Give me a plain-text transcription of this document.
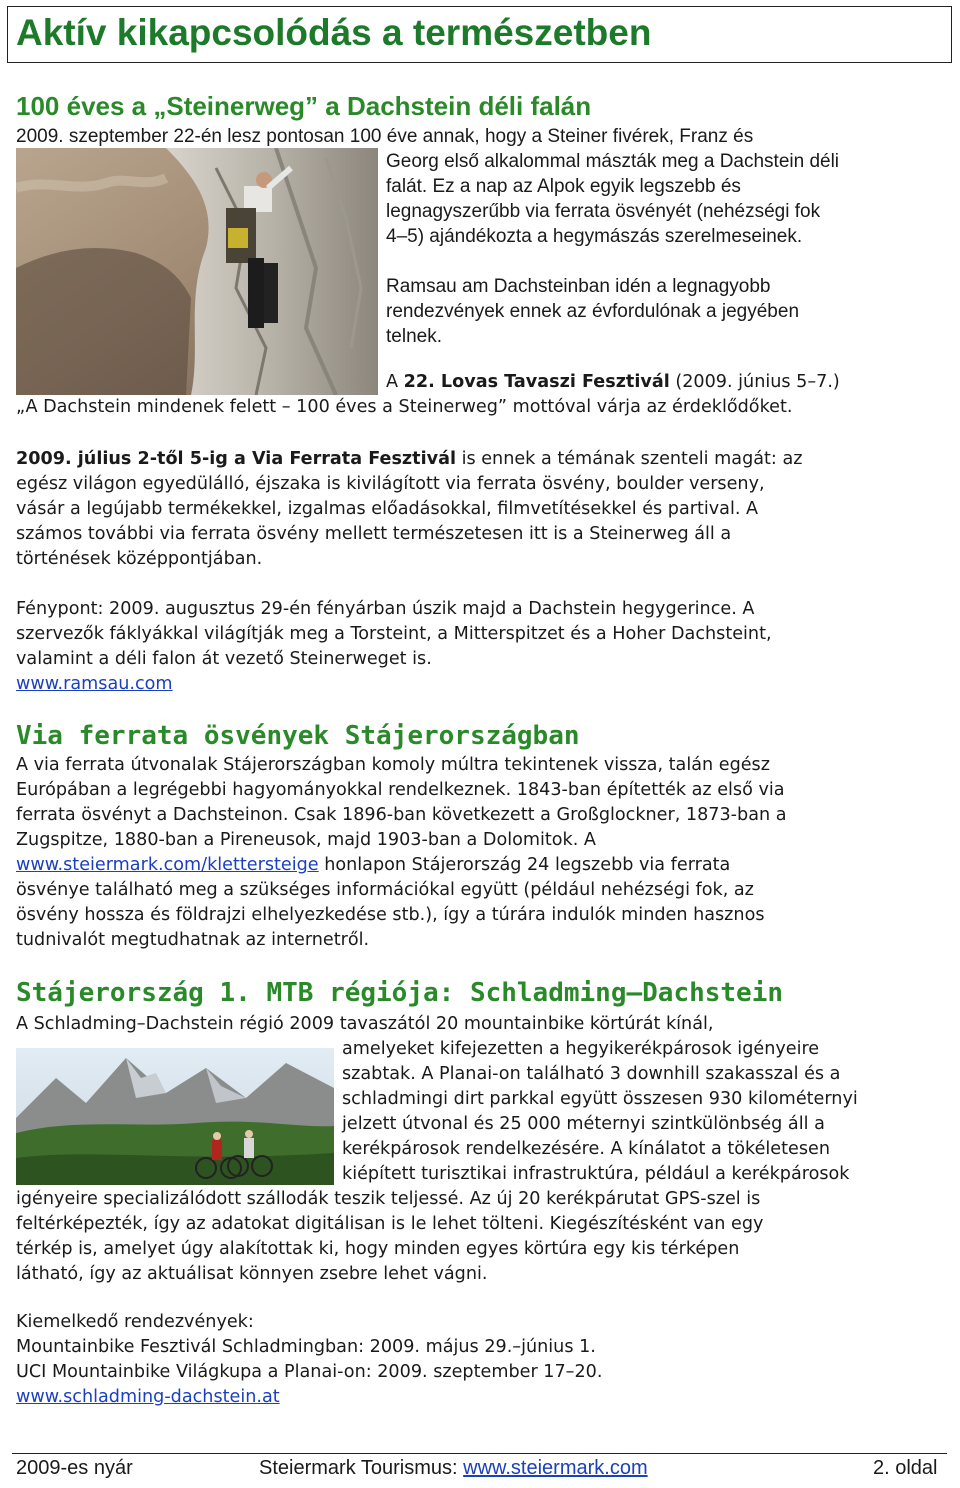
Aktív kikapcsolódás a természetben
100 éves a „Steinerweg” a Dachstein déli falán
2009. szeptember 22-én lesz pontosan 100 éve annak, hogy a Steiner fivérek, Franz és
Georg első alkalommal mászták meg a Dachstein déli
falát. Ez a nap az Alpok egyik legszebb és
legnagyszerűbb via ferrata ösvényét (nehézségi fok
4–5) ajándékozta a hegymászás szerelmeseinek.
Ramsau am Dachsteinban idén a legnagyobb
rendezvények ennek az évfordulónak a jegyében
telnek.
A 22. Lovas Tavaszi Fesztivál (2009. június 5–7.)
„A Dachstein mindenek felett – 100 éves a Steinerweg” mottóval várja az érdeklődőket.
2009. július 2-től 5-ig a Via Ferrata Fesztivál is ennek a témának szenteli magát: az
egész világon egyedülálló, éjszaka is kivilágított via ferrata ösvény, boulder verseny,
vásár a legújabb termékekkel, izgalmas előadásokkal, filmvetítésekkel és partival. A
számos további via ferrata ösvény mellett természetesen itt is a Steinerweg áll a
történések középpontjában.
Fénypont: 2009. augusztus 29-én fényárban úszik majd a Dachstein hegygerince. A
szervezők fáklyákkal világítják meg a Torsteint, a Mitterspitzet és a Hoher Dachsteint,
valamint a déli falon át vezető Steinerweget is.
www.ramsau.com
Via ferrata ösvények Stájerországban
A via ferrata útvonalak Stájerországban komoly múltra tekintenek vissza, talán egész
Európában a legrégebbi hagyományokkal rendelkeznek. 1843-ban építették az első via
ferrata ösvényt a Dachsteinon. Csak 1896-ban következett a Großglockner, 1873-ban a
Zugspitze, 1880-ban a Pireneusok, majd 1903-ban a Dolomitok. A
www.steiermark.com/klettersteige honlapon Stájerország 24 legszebb via ferrata
ösvénye található meg a szükséges információkal együtt (például nehézségi fok, az
ösvény hossza és földrajzi elhelyezkedése stb.), így a túrára indulók minden hasznos
tudnivalót megtudhatnak az internetről.
Stájerország 1. MTB régiója: Schladming–Dachstein
A Schladming–Dachstein régió 2009 tavaszától 20 mountainbike körtúrát kínál,
amelyeket kifejezetten a hegyikerékpárosok igényeire
szabtak. A Planai-on található 3 downhill szakasszal és a
schladmingi dirt parkkal együtt összesen 930 kilométernyi
jelzett útvonal és 25 000 méternyi szintkülönbség áll a
kerékpárosok rendelkezésére. A kínálatot a tökéletesen
kiépített turisztikai infrastruktúra, például a kerékpárosok
igényeire specializálódott szállodák teszik teljessé. Az új 20 kerékpárutat GPS-szel is
feltérképezték, így az adatokat digitálisan is le lehet tölteni. Kiegészítésként van egy
térkép is, amelyet úgy alakítottak ki, hogy minden egyes körtúra egy kis térképen
látható, így az aktuálisat könnyen zsebre lehet vágni.
Kiemelkedő rendezvények:
Mountainbike Fesztivál Schladmingban: 2009. május 29.–június 1.
UCI Mountainbike Világkupa a Planai-on: 2009. szeptember 17–20.
www.schladming-dachstein.at
2009-es nyár	Steiermark Tourismus: www.steiermark.com	2. oldal
